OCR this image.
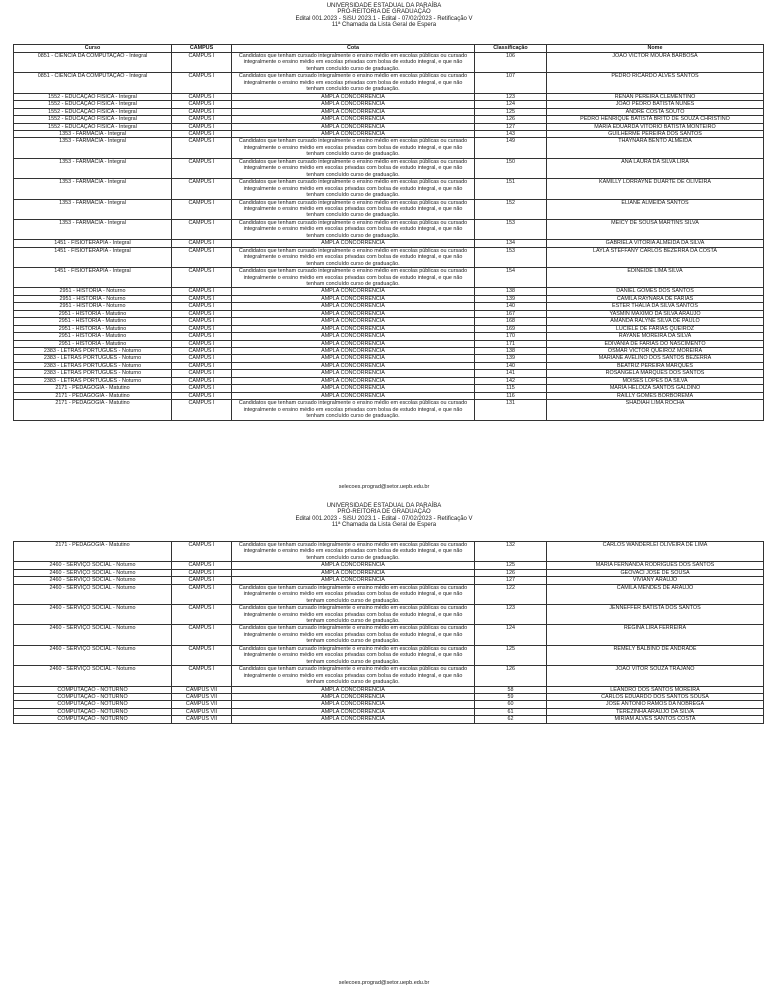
UNIVERSIDADE ESTADUAL DA PARAÍBA
PRÓ-REITORIA DE GRADUAÇÃO
Edital 001.2023 - SiSU 2023.1 - Edital - 07/02/2023 - Retificação V
11ª Chamada da Lista Geral de Espera
Curso	CAMPUS	Cota	Classificação	Nome
0851 - CIÊNCIA DA COMPUTAÇÃO - Integral	CAMPUS I	Candidatos que tenham cursado integralmente o ensino médio em escolas públicas ou cursado integralmente o ensino médio em escolas privadas com bolsa de estudo integral, e que não tenham concluído curso de graduação.	106	JOÃO VICTOR MOURA BARBOSA
0851 - CIÊNCIA DA COMPUTAÇÃO - Integral	CAMPUS I	Candidatos que tenham cursado integralmente o ensino médio em escolas públicas ou cursado integralmente o ensino médio em escolas privadas com bolsa de estudo integral, e que não tenham concluído curso de graduação.	107	PEDRO RICARDO ALVES SANTOS
1552 - EDUCAÇÃO FÍSICA - Integral	CAMPUS I	AMPLA CONCORRÊNCIA	123	RENAN PEREIRA CLEMENTINO
1552 - EDUCAÇÃO FÍSICA - Integral	CAMPUS I	AMPLA CONCORRÊNCIA	124	JOÃO PEDRO BATISTA NUNES
1552 - EDUCAÇÃO FÍSICA - Integral	CAMPUS I	AMPLA CONCORRÊNCIA	125	ANDRÉ COSTA SOUTO
1552 - EDUCAÇÃO FÍSICA - Integral	CAMPUS I	AMPLA CONCORRÊNCIA	126	PEDRO HENRIQUE BATISTA BRITO DE SOUZA CHRISTINO
1552 - EDUCAÇÃO FÍSICA - Integral	CAMPUS I	AMPLA CONCORRÊNCIA	127	MARIA EDUARDA VITÓRIO BATISTA MONTEIRO
1353 - FARMÁCIA - Integral	CAMPUS I	AMPLA CONCORRÊNCIA	143	GUILHERME PEREIRA DOS SANTOS
1353 - FARMÁCIA - Integral	CAMPUS I	Candidatos que tenham cursado integralmente o ensino médio em escolas públicas ou cursado integralmente o ensino médio em escolas privadas com bolsa de estudo integral, e que não tenham concluído curso de graduação.	149	THAYNARA BENTO ALMEIDA
1353 - FARMÁCIA - Integral	CAMPUS I	Candidatos que tenham cursado integralmente o ensino médio em escolas públicas ou cursado integralmente o ensino médio em escolas privadas com bolsa de estudo integral, e que não tenham concluído curso de graduação.	150	ANA LAURA DA SILVA LIRA
1353 - FARMÁCIA - Integral	CAMPUS I	Candidatos que tenham cursado integralmente o ensino médio em escolas públicas ou cursado integralmente o ensino médio em escolas privadas com bolsa de estudo integral, e que não tenham concluído curso de graduação.	151	KAMILLY LORRAYNE DUARTE DE OLIVEIRA
1353 - FARMÁCIA - Integral	CAMPUS I	Candidatos que tenham cursado integralmente o ensino médio em escolas públicas ou cursado integralmente o ensino médio em escolas privadas com bolsa de estudo integral, e que não tenham concluído curso de graduação.	152	ELIANE ALMEIDA SANTOS
1353 - FARMÁCIA - Integral	CAMPUS I	Candidatos que tenham cursado integralmente o ensino médio em escolas públicas ou cursado integralmente o ensino médio em escolas privadas com bolsa de estudo integral, e que não tenham concluído curso de graduação.	153	MEICY DE SOUSA MARTINS SILVA
1451 - FISIOTERAPIA - Integral	CAMPUS I	AMPLA CONCORRÊNCIA	134	GABRIELA VITÓRIA ALMEIDA DA SILVA
1451 - FISIOTERAPIA - Integral	CAMPUS I	Candidatos que tenham cursado integralmente o ensino médio em escolas públicas ou cursado integralmente o ensino médio em escolas privadas com bolsa de estudo integral, e que não tenham concluído curso de graduação.	153	LAYLA STEFFANY CARLOS BEZERRA DA COSTA
1451 - FISIOTERAPIA - Integral	CAMPUS I	Candidatos que tenham cursado integralmente o ensino médio em escolas públicas ou cursado integralmente o ensino médio em escolas privadas com bolsa de estudo integral, e que não tenham concluído curso de graduação.	154	EDINEIDE LIMA SILVA
2951 - HISTÓRIA - Noturno	CAMPUS I	AMPLA CONCORRÊNCIA	138	DANIEL GOMES DOS SANTOS
2951 - HISTÓRIA - Noturno	CAMPUS I	AMPLA CONCORRÊNCIA	139	CAMILA RAYNARA DE FARIAS
2951 - HISTÓRIA - Noturno	CAMPUS I	AMPLA CONCORRÊNCIA	140	ESTER THALIA DA SILVA SANTOS
2951 - HISTÓRIA - Matutino	CAMPUS I	AMPLA CONCORRÊNCIA	167	YASMIN MAXIMO DA SILVA ARAUJO
2951 - HISTÓRIA - Matutino	CAMPUS I	AMPLA CONCORRÊNCIA	168	AMANDA RALYNE SILVA DE PAULO
2951 - HISTÓRIA - Matutino	CAMPUS I	AMPLA CONCORRÊNCIA	169	LUCIELE DE FARIAS QUEIROZ
2951 - HISTÓRIA - Matutino	CAMPUS I	AMPLA CONCORRÊNCIA	170	RAYANE MOREIRA DA SILVA
2951 - HISTÓRIA - Matutino	CAMPUS I	AMPLA CONCORRÊNCIA	171	EDIVANIA DE FARIAS DO NASCIMENTO
2383 - LETRAS PORTUGUÊS - Noturno	CAMPUS I	AMPLA CONCORRÊNCIA	138	OSMAR VICTOR QUEIROZ MOREIRA
2383 - LETRAS PORTUGUÊS - Noturno	CAMPUS I	AMPLA CONCORRÊNCIA	139	MARIANE AVELINO DOS SANTOS BEZERRA
2383 - LETRAS PORTUGUÊS - Noturno	CAMPUS I	AMPLA CONCORRÊNCIA	140	BEATRIZ PEREIRA MARQUES
2383 - LETRAS PORTUGUÊS - Noturno	CAMPUS I	AMPLA CONCORRÊNCIA	141	ROSANGELA MARQUES DOS SANTOS
2383 - LETRAS PORTUGUÊS - Noturno	CAMPUS I	AMPLA CONCORRÊNCIA	142	MOISES LOPES DA SILVA
2171 - PEDAGOGIA - Matutino	CAMPUS I	AMPLA CONCORRÊNCIA	115	MARIA HELOIZA SANTOS GALDINO
2171 - PEDAGOGIA - Matutino	CAMPUS I	AMPLA CONCORRÊNCIA	116	RAILLY GOMES BORBOREMA
2171 - PEDAGOGIA - Matutino	CAMPUS I	Candidatos que tenham cursado integralmente o ensino médio em escolas públicas ou cursado integralmente o ensino médio em escolas privadas com bolsa de estudo integral, e que não tenham concluído curso de graduação.	131	SHADIAH LIMA ROCHA
selecoes.prograd@setor.uepb.edu.br
UNIVERSIDADE ESTADUAL DA PARAÍBA
PRÓ-REITORIA DE GRADUAÇÃO
Edital 001.2023 - SiSU 2023.1 - Edital - 07/02/2023 - Retificação V
11ª Chamada da Lista Geral de Espera
2171 - PEDAGOGIA - Matutino	CAMPUS I	Candidatos que tenham cursado integralmente o ensino médio em escolas públicas ou cursado integralmente o ensino médio em escolas privadas com bolsa de estudo integral, e que não tenham concluído curso de graduação.	132	CARLOS WANDERLEI OLIVEIRA DE LIMA
2460 - SERVIÇO SOCIAL - Noturno	CAMPUS I	AMPLA CONCORRÊNCIA	125	MARIA FERNANDA RODRIGUES DOS SANTOS
2460 - SERVIÇO SOCIAL - Noturno	CAMPUS I	AMPLA CONCORRÊNCIA	126	GEOVACI JOSÉ DE SOUSA
2460 - SERVIÇO SOCIAL - Noturno	CAMPUS I	AMPLA CONCORRÊNCIA	127	VIVIANY ARAÚJO
2460 - SERVIÇO SOCIAL - Noturno	CAMPUS I	Candidatos que tenham cursado integralmente o ensino médio em escolas públicas ou cursado integralmente o ensino médio em escolas privadas com bolsa de estudo integral, e que não tenham concluído curso de graduação.	122	CAMILA MENDES DE ARAÚJO
2460 - SERVIÇO SOCIAL - Noturno	CAMPUS I	Candidatos que tenham cursado integralmente o ensino médio em escolas públicas ou cursado integralmente o ensino médio em escolas privadas com bolsa de estudo integral, e que não tenham concluído curso de graduação.	123	JENNEFFER BATISTA DOS SANTOS
2460 - SERVIÇO SOCIAL - Noturno	CAMPUS I	Candidatos que tenham cursado integralmente o ensino médio em escolas públicas ou cursado integralmente o ensino médio em escolas privadas com bolsa de estudo integral, e que não tenham concluído curso de graduação.	124	REGINA LIRA FERREIRA
2460 - SERVIÇO SOCIAL - Noturno	CAMPUS I	Candidatos que tenham cursado integralmente o ensino médio em escolas públicas ou cursado integralmente o ensino médio em escolas privadas com bolsa de estudo integral, e que não tenham concluído curso de graduação.	125	REMELY BALBINO DE ANDRADE
2460 - SERVIÇO SOCIAL - Noturno	CAMPUS I	Candidatos que tenham cursado integralmente o ensino médio em escolas públicas ou cursado integralmente o ensino médio em escolas privadas com bolsa de estudo integral, e que não tenham concluído curso de graduação.	126	JOÃO VITOR SOUZA TRAJANO
COMPUTAÇÃO - NOTURNO	CAMPUS VII	AMPLA CONCORRÊNCIA	58	LEANDRO DOS SANTOS MOREIRA
COMPUTAÇÃO - NOTURNO	CAMPUS VII	AMPLA CONCORRÊNCIA	59	CARLOS EDUARDO DOS SANTOS SOUSA
COMPUTAÇÃO - NOTURNO	CAMPUS VII	AMPLA CONCORRÊNCIA	60	JOSÉ ANTONIO RAMOS DA NÓBREGA
COMPUTAÇÃO - NOTURNO	CAMPUS VII	AMPLA CONCORRÊNCIA	61	TEREZINHA ARAUJO DA SILVA
COMPUTAÇÃO - NOTURNO	CAMPUS VII	AMPLA CONCORRÊNCIA	62	MIRIAM ALVES SANTOS COSTA
selecoes.prograd@setor.uepb.edu.br
